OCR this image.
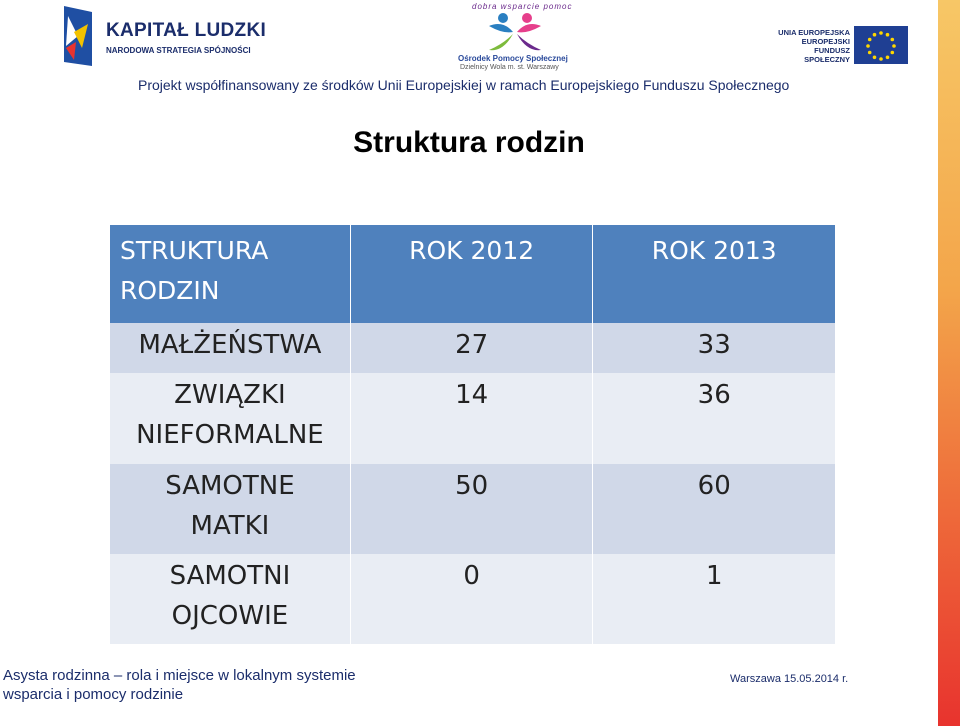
KAPITAŁ LUDZKI
NARODOWA STRATEGIA SPÓJNOŚCI
dobra wsparcie pomoc
Ośrodek Pomocy Społecznej
Dzielnicy Wola m. st. Warszawy
UNIA EUROPEJSKA
EUROPEJSKI
FUNDUSZ SPOŁECZNY
Projekt współfinansowany ze środków Unii Europejskiej w ramach Europejskiego Funduszu Społecznego
Struktura rodzin
STRUKTURA
RODZIN	ROK 2012	ROK 2013

MAŁŻEŃSTWA	27	33

ZWIĄZKI
NIEFORMALNE	14	36

SAMOTNE
MATKI	50	60

SAMOTNI
OJCOWIE	0	1
Asysta rodzinna – rola i miejsce w lokalnym systemie
wsparcia i pomocy rodzinie
Warszawa 15.05.2014 r.
